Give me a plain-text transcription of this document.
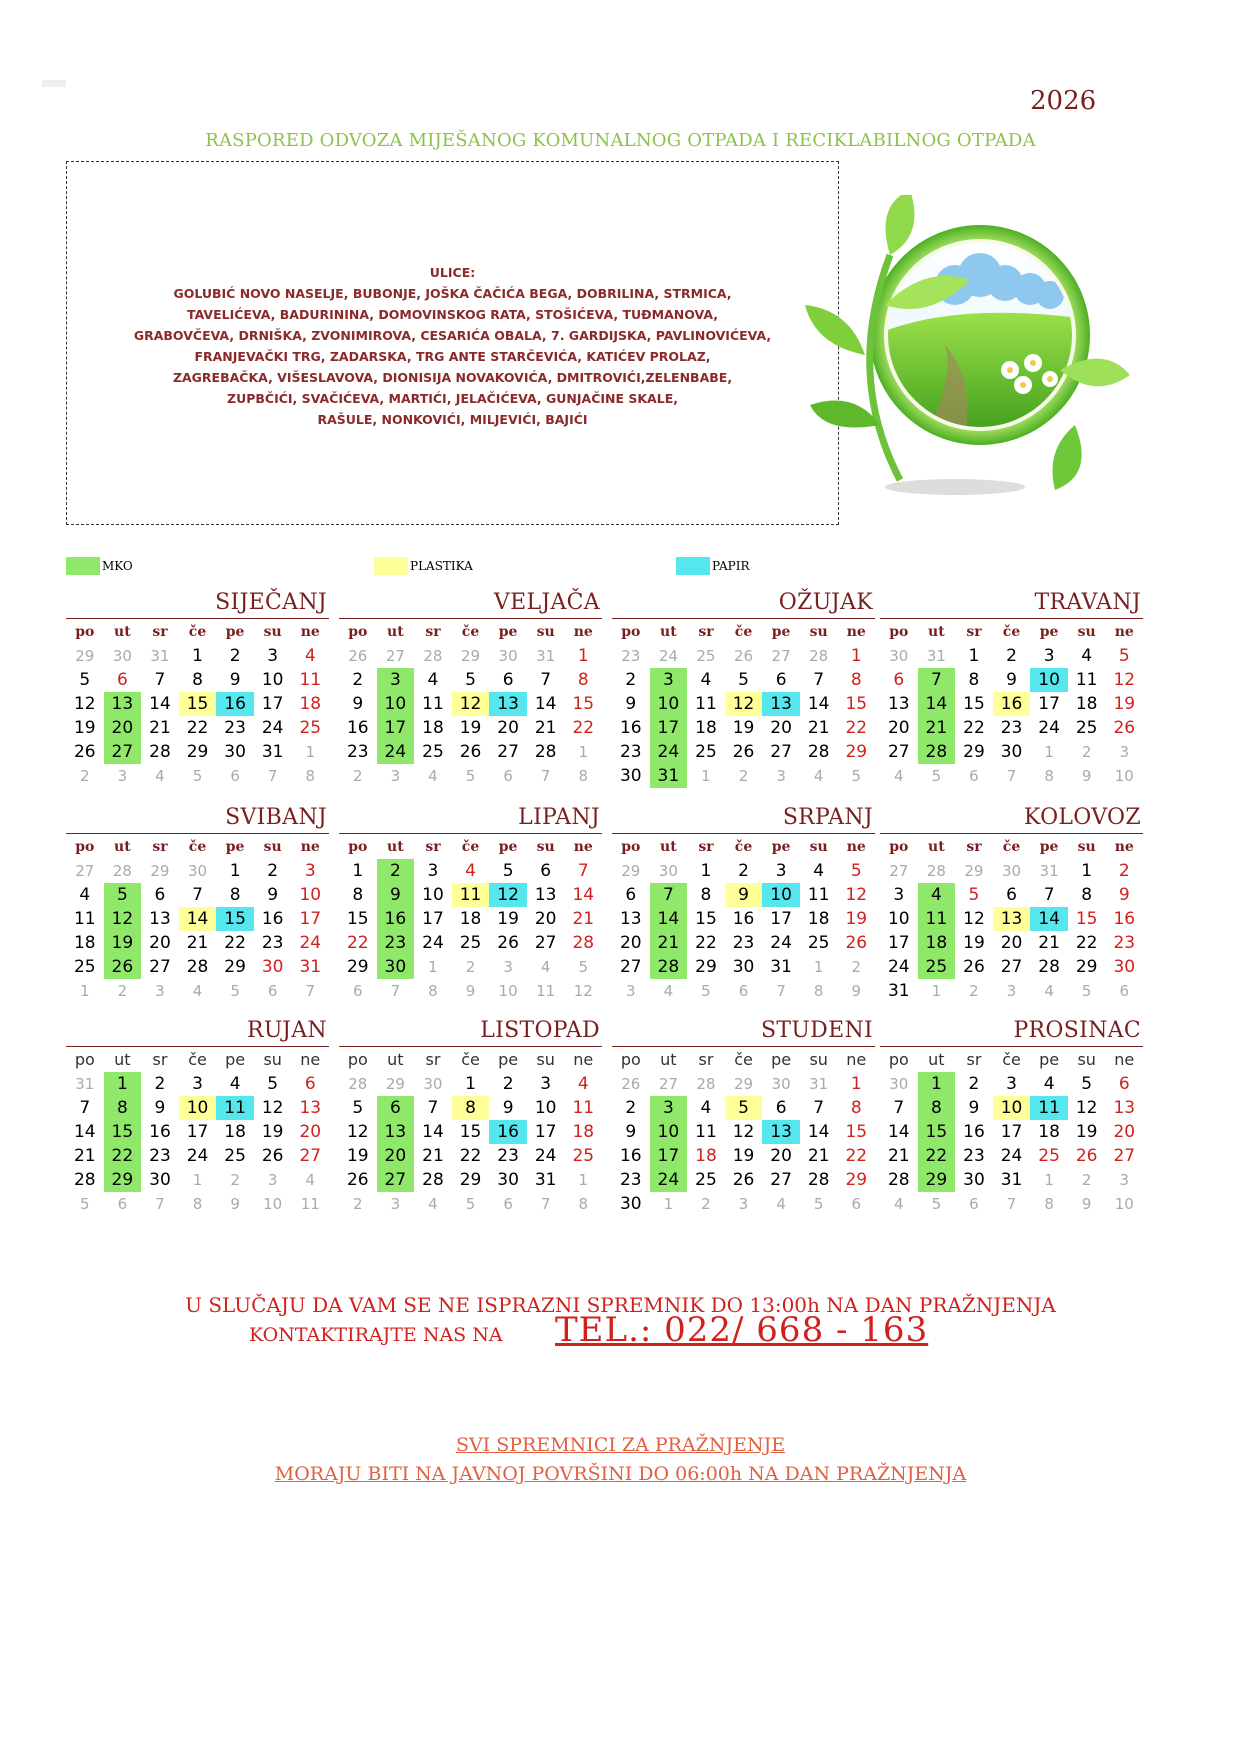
2026
RASPORED ODVOZA MIJEŠANOG KOMUNALNOG OTPADA I RECIKLABILNOG OTPADA
ULICE:
GOLUBIĆ NOVO NASELJE, BUBONJE, JOŠKA ČAČIĆA BEGA, DOBRILINA, STRMICA,
TAVELIĆEVA, BADURININA, DOMOVINSKOG RATA, STOŠIĆEVA, TUĐMANOVA,
GRABOVČEVA, DRNIŠKA, ZVONIMIROVA, CESARIĆA OBALA, 7. GARDIJSKA, PAVLINOVIĆEVA,
FRANJEVAČKI TRG, ZADARSKA, TRG ANTE STARČEVIĆA, KATIĆEV PROLAZ,
ZAGREBAČKA, VIŠESLAVOVA, DIONISIJA NOVAKOVIĆA, DMITROVIĆI,ZELENBABE,
ZUPBČIĆI, SVAČIĆEVA, MARTIĆI, JELAČIĆEVA, GUNJAČINE SKALE,
RAŠULE, NONKOVIĆI, MILJEVIĆI, BAJIĆI
MKO	PLASTIKA	PAPIR
SIJEČANJ
po	ut	sr	če	pe	su	ne
29	30	31	1	2	3	4
5	6	7	8	9	10 11
12 13 14 15 16 17 18
19 20 21 22 23 24 25
26 27 28 29 30 31	1
2	3	4	5	6	7	8
VELJAČA
po	ut	sr	če	pe	su	ne
26	27	28	29	30	31	1
2	3	4	5	6	7	8
9	10 11 12 13 14 15
16 17 18 19 20 21 22
23 24 25 26 27 28	1
2	3	4	5	6	7	8
OŽUJAK
po	ut	sr	če	pe	su	ne
23	24	25	26	27	28	1
2	3	4	5	6	7	8
9	10 11 12 13 14 15
16 17 18 19 20 21 22
23 24 25 26 27 28 29
30 31	1	2	3	4	5
TRAVANJ
po	ut	sr	če	pe	su	ne
30	31	1	2	3	4	5
6	7	8	9	10 11 12
13 14 15 16 17 18 19
20 21 22 23 24 25 26
27 28 29 30	1	2	3
4	5	6	7	8	9	10
SVIBANJ
po	ut	sr	če	pe	su	ne
27	28	29	30	1	2	3
4	5	6	7	8	9	10
11 12 13 14 15 16 17
18 19 20 21 22 23 24
25 26 27 28 29 30 31
1	2	3	4	5	6	7
LIPANJ
po	ut	sr	če	pe	su	ne
1	2	3	4	5	6	7
8	9	10 11 12 13 14
15 16 17 18 19 20 21
22 23 24 25 26 27 28
29 30	1	2	3	4	5
6	7	8	9	10	11	12
SRPANJ
po	ut	sr	če	pe	su	ne
29	30	1	2	3	4	5
6	7	8	9	10 11 12
13 14 15 16 17 18 19
20 21 22 23 24 25 26
27 28 29 30 31	1	2
3	4	5	6	7	8	9
KOLOVOZ
po	ut	sr	če	pe	su	ne
27	28	29	30	31	1	2
3	4	5	6	7	8	9
10 11 12 13 14 15 16
17 18 19 20 21 22 23
24 25 26 27 28 29 30
31	1	2	3	4	5	6
RUJAN
po	ut	sr	če	pe	su	ne
31	1	2	3	4	5	6
7	8	9	10 11 12 13
14 15 16 17 18 19 20
21 22 23 24 25 26 27
28 29 30	1	2	3	4
5	6	7	8	9	10	11
LISTOPAD
po	ut	sr	če	pe	su	ne
28	29	30	1	2	3	4
5	6	7	8	9	10 11
12 13 14 15 16 17 18
19 20 21 22 23 24 25
26 27 28 29 30 31	1
2	3	4	5	6	7	8
STUDENI
po	ut	sr	če	pe	su	ne
26	27	28	29	30	31	1
2	3	4	5	6	7	8
9	10 11 12 13 14 15
16 17 18 19 20 21 22
23 24 25 26 27 28 29
30	1	2	3	4	5	6
PROSINAC
po	ut	sr	če	pe	su	ne
30	1	2	3	4	5	6
7	8	9	10 11 12 13
14 15 16 17 18 19 20
21 22 23 24 25 26 27
28 29 30 31	1	2	3
4	5	6	7	8	9	10
U SLUČAJU DA VAM SE NE ISPRAZNI SPREMNIK DO 13:00h NA DAN PRAŽNJENJA
KONTAKTIRAJTE NAS NA TEL.: 022/ 668 - 163
SVI SPREMNICI ZA PRAŽNJENJE
MORAJU BITI NA JAVNOJ POVRŠINI DO 06:00h NA DAN PRAŽNJENJA
